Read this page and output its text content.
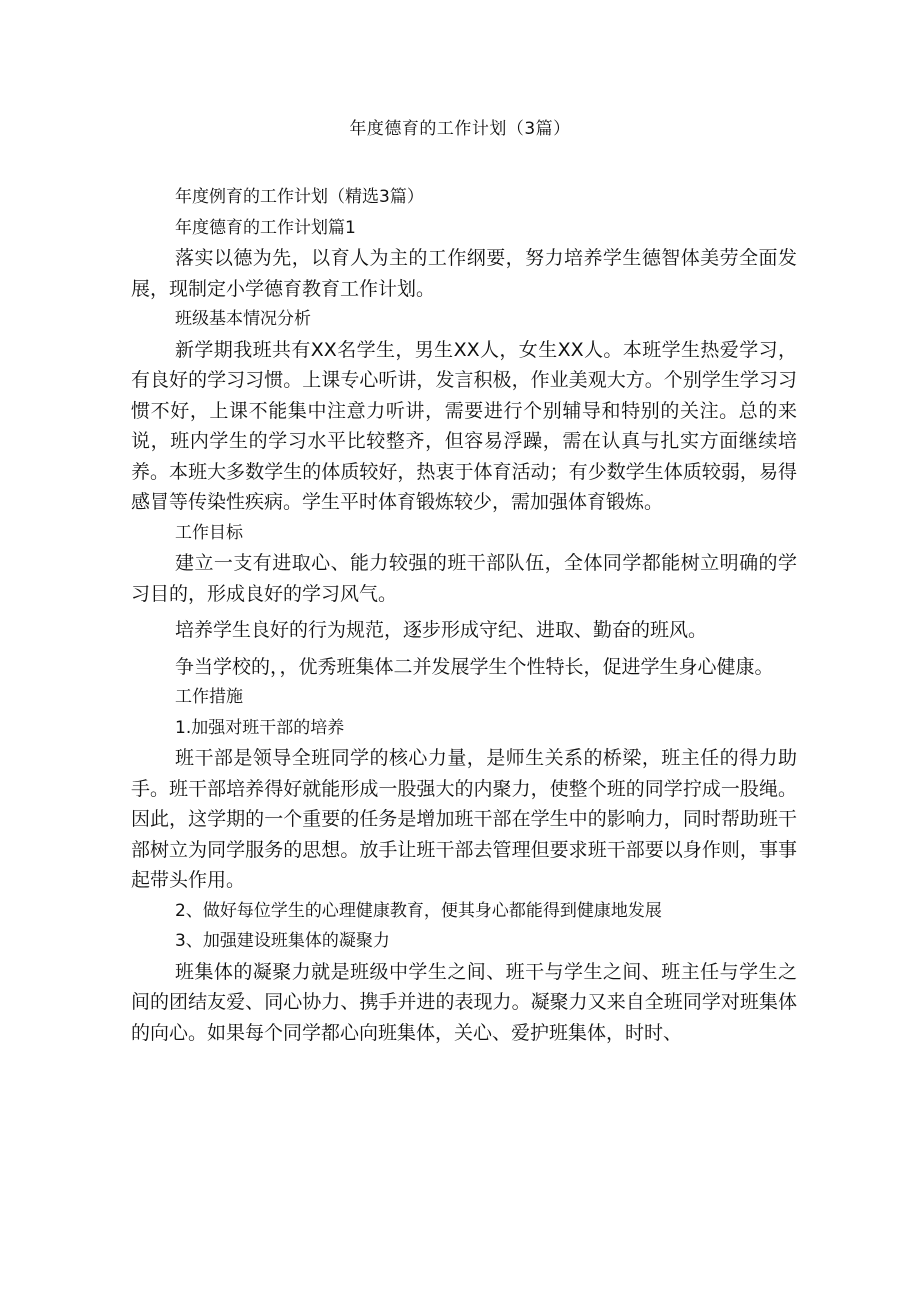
年度德育的工作计划（3篇）

年度例育的工作计划（精选3篇）

年度德育的工作计划篇1

落实以德为先，以育人为主的工作纲要，努力培养学生德智体美劳全面发展，现制定小学德育教育工作计划。

班级基本情况分析

新学期我班共有XX名学生，男生XX人，女生XX人。本班学生热爱学习，有良好的学习习惯。上课专心听讲，发言积极，作业美观大方。个别学生学习习惯不好，上课不能集中注意力听讲，需要进行个别辅导和特别的关注。总的来说，班内学生的学习水平比较整齐，但容易浮躁，需在认真与扎实方面继续培养。本班大多数学生的体质较好，热衷于体育活动；有少数学生体质较弱，易得感冒等传染性疾病。学生平时体育锻炼较少，需加强体育锻炼。

工作目标

建立一支有进取心、能力较强的班干部队伍，全体同学都能树立明确的学习目的，形成良好的学习风气。

培养学生良好的行为规范，逐步形成守纪、进取、勤奋的班风。

争当学校的，，优秀班集体二并发展学生个性特长，促进学生身心健康。

工作措施

1.加强对班干部的培养

班干部是领导全班同学的核心力量，是师生关系的桥梁，班主任的得力助手。班干部培养得好就能形成一股强大的内聚力，使整个班的同学拧成一股绳。因此，这学期的一个重要的任务是增加班干部在学生中的影响力，同时帮助班干部树立为同学服务的思想。放手让班干部去管理但要求班干部要以身作则，事事起带头作用。

2、做好每位学生的心理健康教育，便其身心都能得到健康地发展

3、加强建设班集体的凝聚力

班集体的凝聚力就是班级中学生之间、班干与学生之间、班主任与学生之间的团结友爱、同心协力、携手并进的表现力。凝聚力又来自全班同学对班集体的向心。如果每个同学都心向班集体，关心、爱护班集体，时时、
